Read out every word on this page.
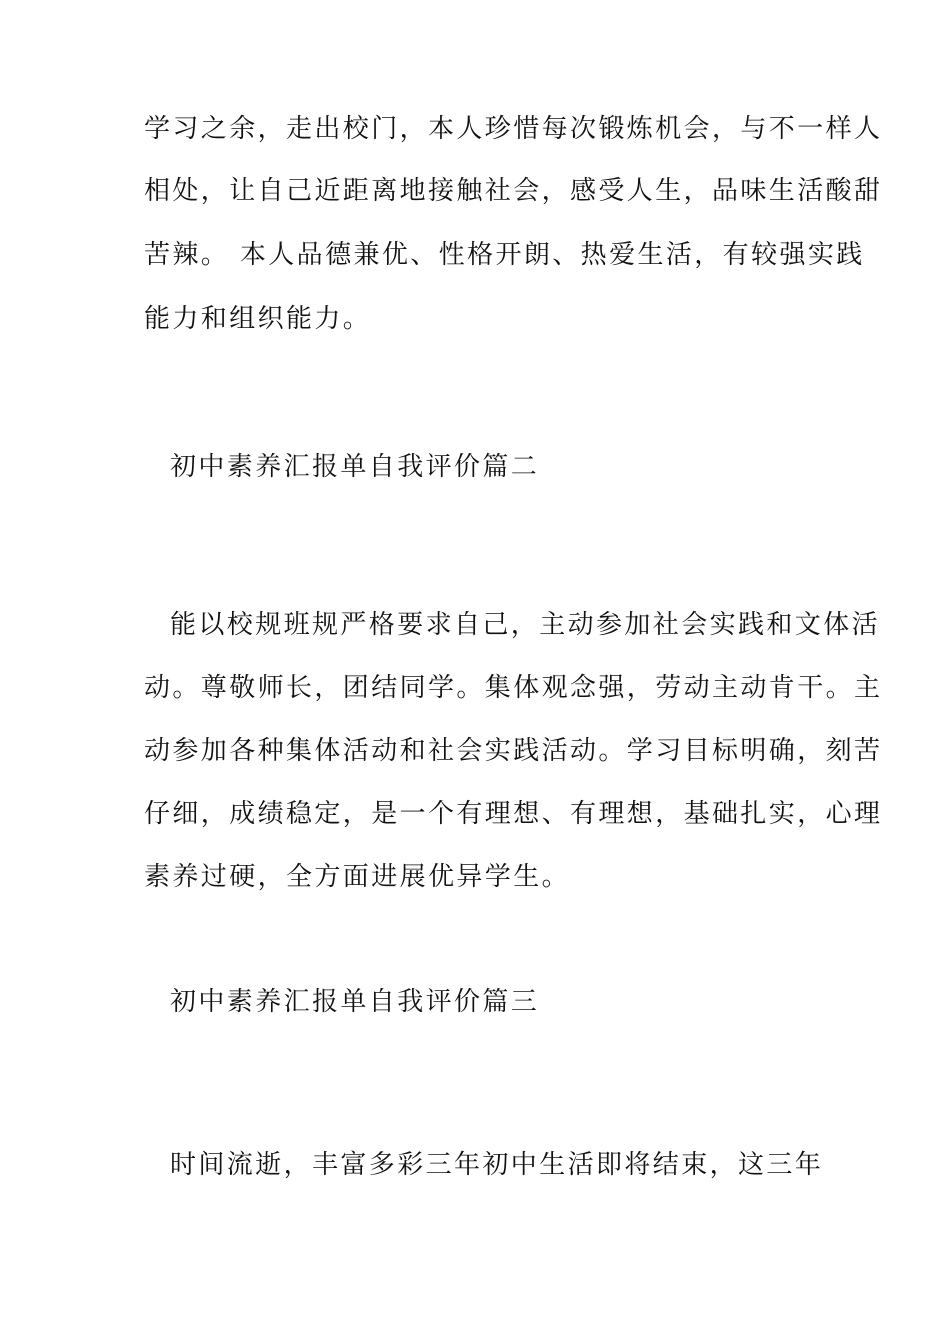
学习之余，走出校门，本人珍惜每次锻炼机会，与不一样人
相处，让自己近距离地接触社会，感受人生，品味生活酸甜
苦辣。 本人品德兼优、性格开朗、热爱生活，有较强实践
能力和组织能力。
初中素养汇报单自我评价篇二
能以校规班规严格要求自己，主动参加社会实践和文体活
动。尊敬师长，团结同学。集体观念强，劳动主动肯干。主
动参加各种集体活动和社会实践活动。学习目标明确，刻苦
仔细，成绩稳定，是一个有理想、有理想，基础扎实，心理
素养过硬，全方面进展优异学生。
初中素养汇报单自我评价篇三
时间流逝，丰富多彩三年初中生活即将结束，这三年
